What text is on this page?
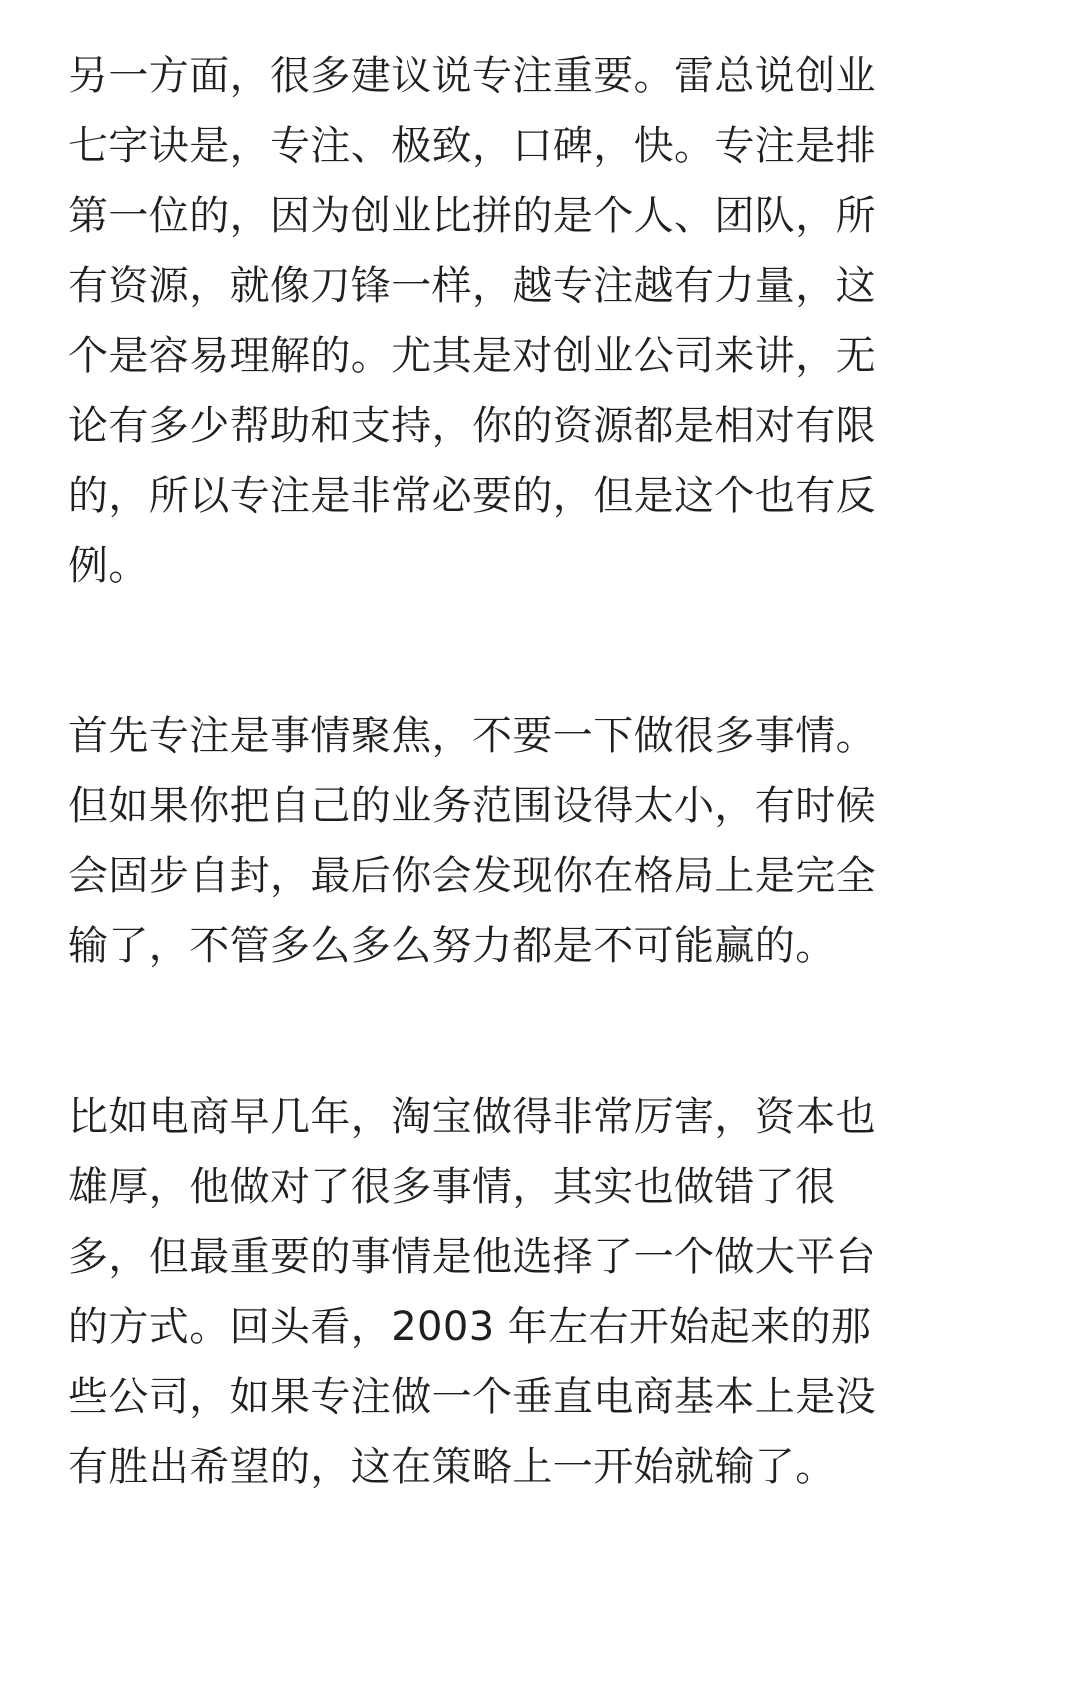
另一方面，很多建议说专注重要。雷总说创业
七字诀是，专注、极致，口碑，快。专注是排
第一位的，因为创业比拼的是个人、团队，所
有资源，就像刀锋一样，越专注越有力量，这
个是容易理解的。尤其是对创业公司来讲，无
论有多少帮助和支持，你的资源都是相对有限
的，所以专注是非常必要的，但是这个也有反
例。
首先专注是事情聚焦，不要一下做很多事情。
但如果你把自己的业务范围设得太小，有时候
会固步自封，最后你会发现你在格局上是完全
输了，不管多么多么努力都是不可能赢的。
比如电商早几年，淘宝做得非常厉害，资本也
雄厚，他做对了很多事情，其实也做错了很
多，但最重要的事情是他选择了一个做大平台
的方式。回头看，2003 年左右开始起来的那
些公司，如果专注做一个垂直电商基本上是没
有胜出希望的，这在策略上一开始就输了。
